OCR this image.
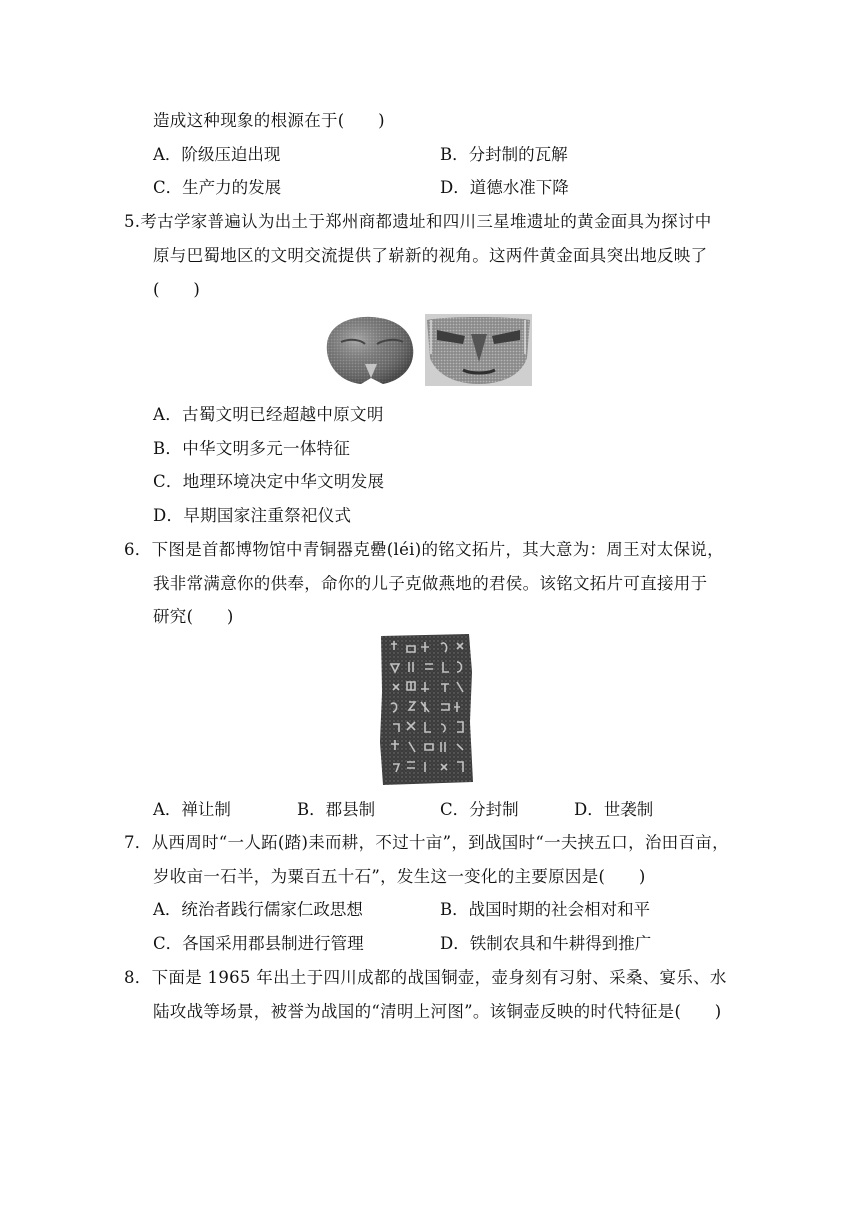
造成这种现象的根源在于(　　)
A．阶级压迫出现	B．分封制的瓦解
C．生产力的发展	D．道德水准下降
5.考古学家普遍认为出土于郑州商都遗址和四川三星堆遗址的黄金面具为探讨中
原与巴蜀地区的文明交流提供了崭新的视角。这两件黄金面具突出地反映了
(　　)
A．古蜀文明已经超越中原文明
B．中华文明多元一体特征
C．地理环境决定中华文明发展
D．早期国家注重祭祀仪式
6．下图是首都博物馆中青铜器克罍(léi)的铭文拓片，其大意为：周王对太保说，
我非常满意你的供奉，命你的儿子克做燕地的君侯。该铭文拓片可直接用于
研究(　　)
A．禅让制	B．郡县制	C．分封制	D．世袭制
7．从西周时“一人跖(踏)耒而耕，不过十亩”，到战国时“一夫挟五口，治田百亩，
岁收亩一石半，为粟百五十石”，发生这一变化的主要原因是(　　)
A．统治者践行儒家仁政思想	B．战国时期的社会相对和平
C．各国采用郡县制进行管理	D．铁制农具和牛耕得到推广
8．下面是 1965 年出土于四川成都的战国铜壶，壶身刻有习射、采桑、宴乐、水
陆攻战等场景，被誉为战国的“清明上河图”。该铜壶反映的时代特征是(　　)
